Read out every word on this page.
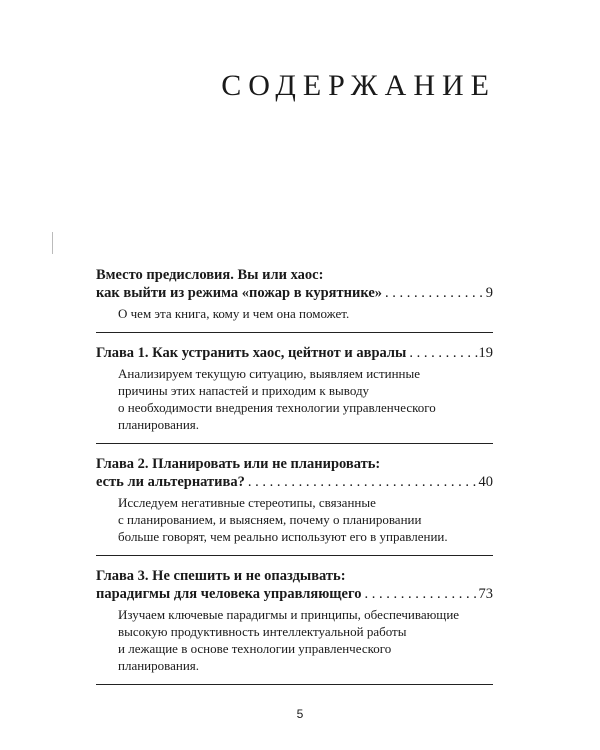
СОДЕРЖАНИЕ
Вместо предисловия. Вы или хаос:
как выйти из режима «пожар в курятнике» . . .	9
О чем эта книга, кому и чем она поможет.
Глава 1. Как устранить хаос, цейтнот и авралы . . .	19
Анализируем текущую ситуацию, выявляем истинные
причины этих напастей и приходим к выводу
о необходимости внедрения технологии управленческого
планирования.
Глава 2. Планировать или не планировать:
есть ли альтернатива? . . .	40
Исследуем негативные стереотипы, связанные
с планированием, и выясняем, почему о планировании
больше говорят, чем реально используют его в управлении.
Глава 3. Не спешить и не опаздывать:
парадигмы для человека управляющего . . .	73
Изучаем ключевые парадигмы и принципы, обеспечивающие
высокую продуктивность интеллектуальной работы
и лежащие в основе технологии управленческого
планирования.
5
